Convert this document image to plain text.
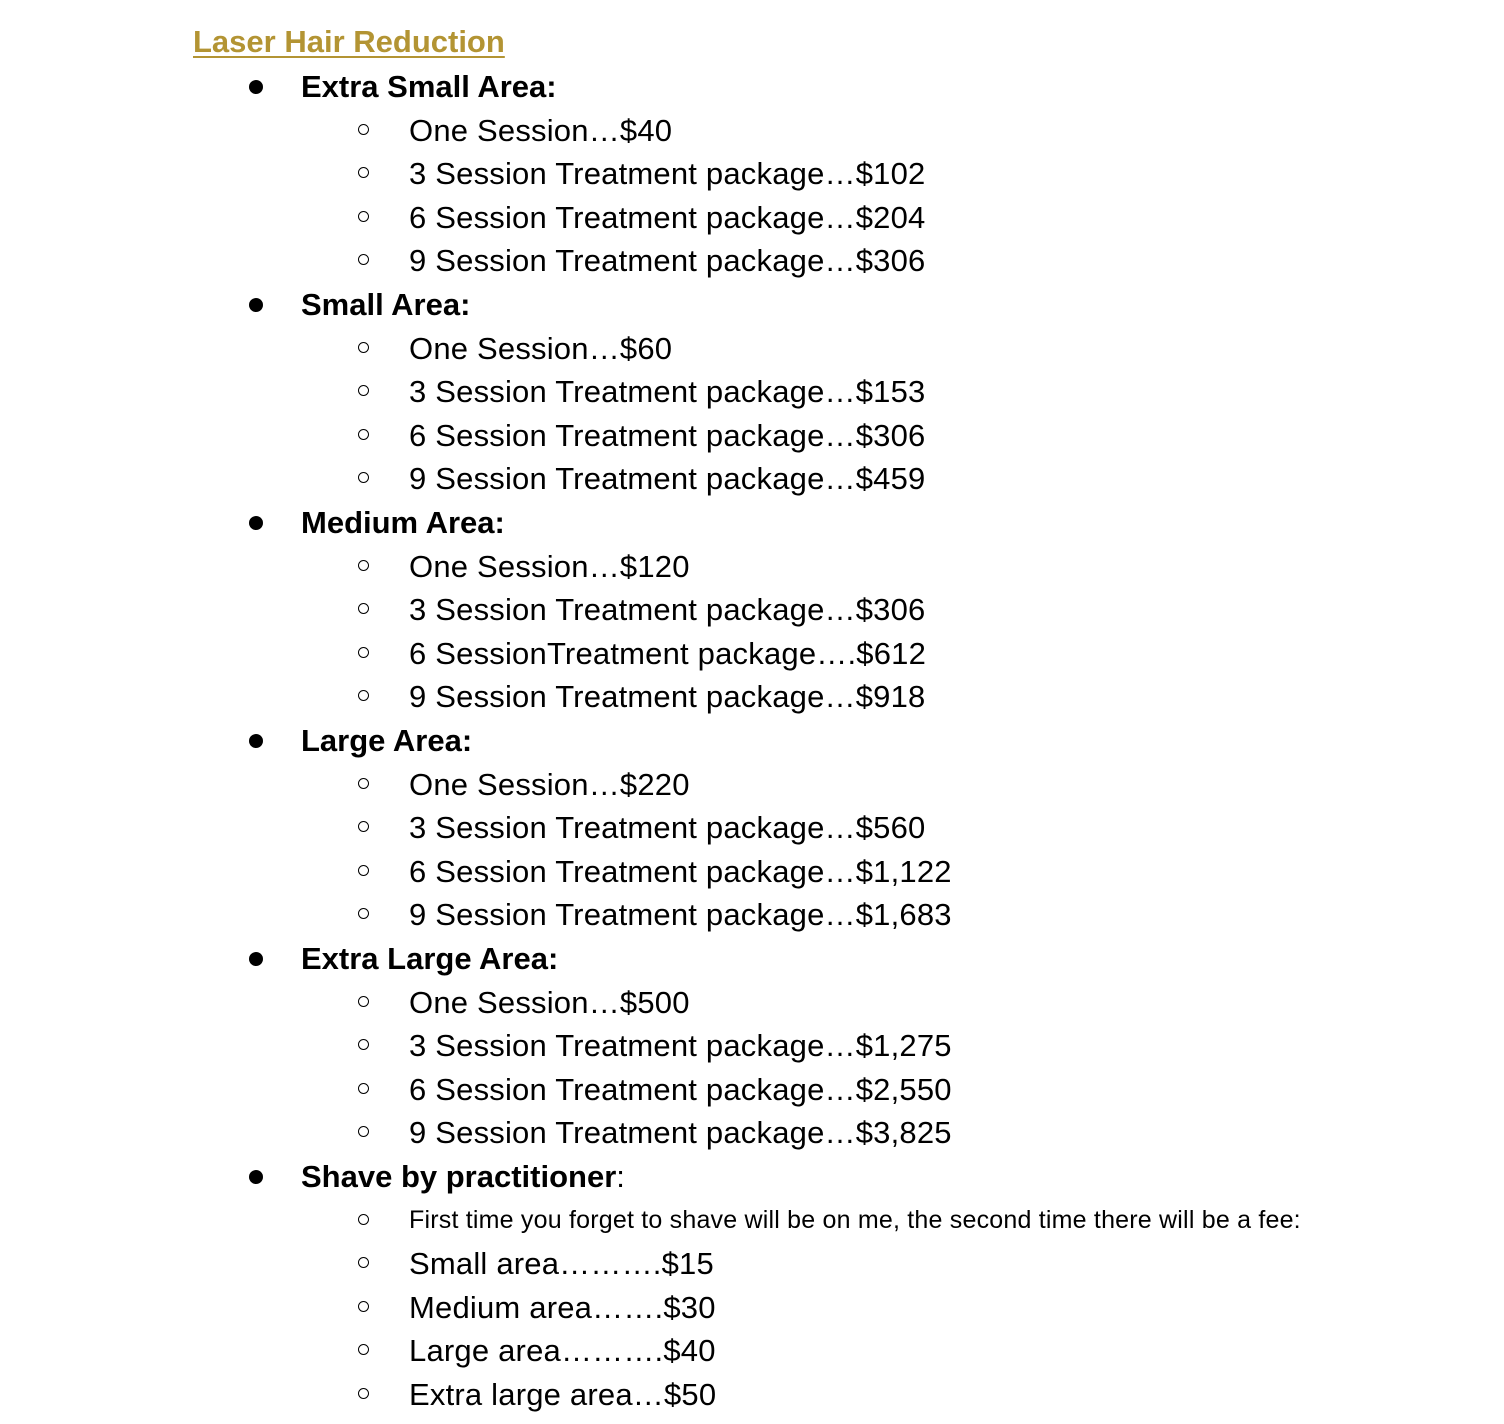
Laser Hair Reduction
Extra Small Area:
One Session…$40
3 Session Treatment package…$102
6 Session Treatment package…$204
9 Session Treatment package…$306
Small Area:
One Session…$60
3 Session Treatment package…$153
6 Session Treatment package…$306
9 Session Treatment package…$459
Medium Area:
One Session…$120
3 Session Treatment package…$306
6 SessionTreatment package….$612
9 Session Treatment package…$918
Large Area:
One Session…$220
3 Session Treatment package…$560
6 Session Treatment package…$1,122
9 Session Treatment package…$1,683
Extra Large Area:
One Session…$500
3 Session Treatment package…$1,275
6 Session Treatment package…$2,550
9 Session Treatment package…$3,825
Shave by practitioner:
First time you forget to shave will be on me, the second time there will be a fee:
Small area……….$15
Medium area…….$30
Large area……….$40
Extra large area…$50
